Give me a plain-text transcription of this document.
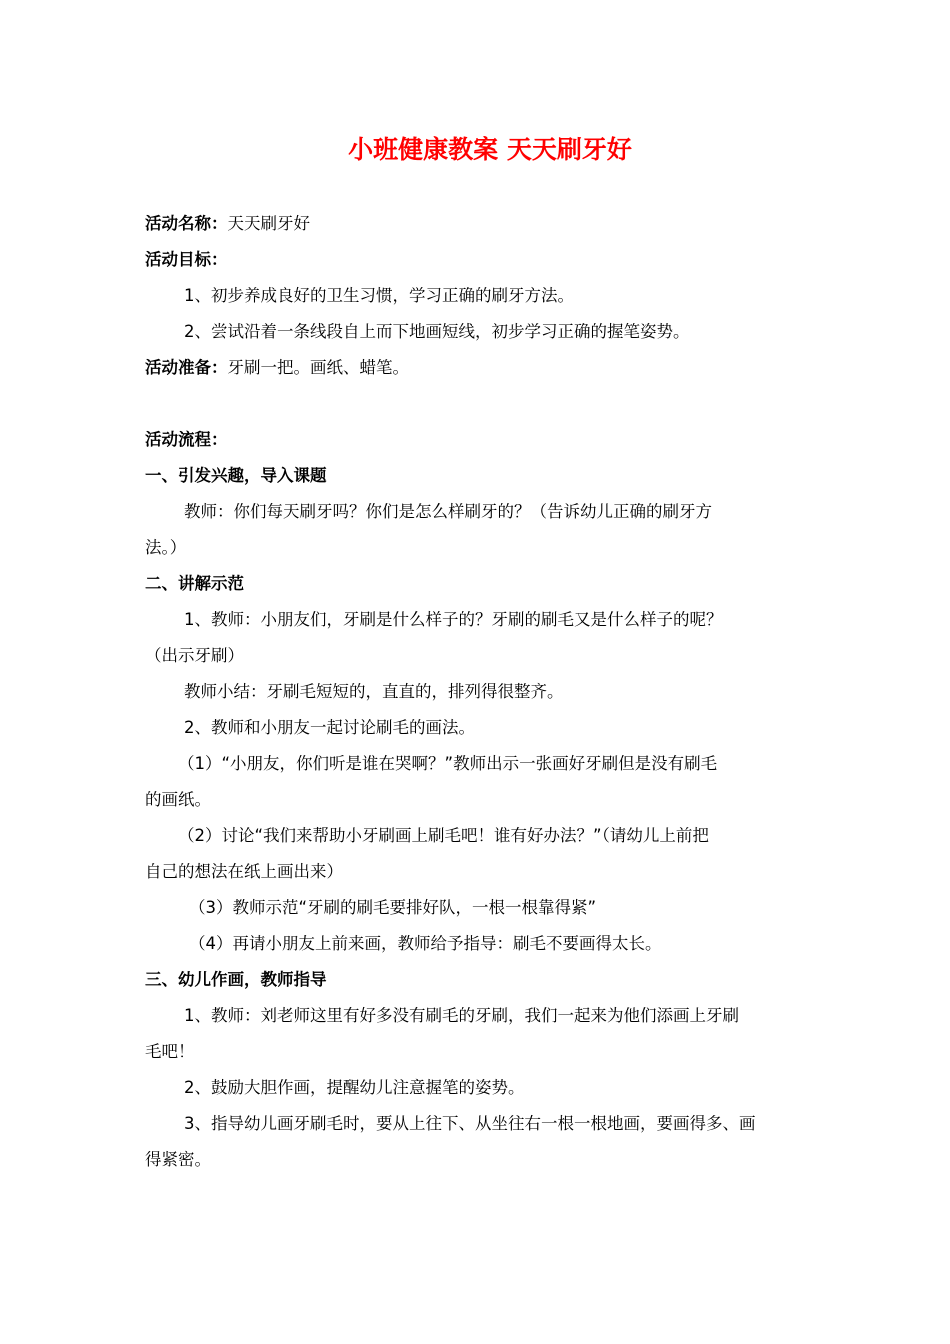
小班健康教案 天天刷牙好

活动名称：天天刷牙好

活动目标：

1、初步养成良好的卫生习惯，学习正确的刷牙方法。

2、尝试沿着一条线段自上而下地画短线，初步学习正确的握笔姿势。

活动准备：牙刷一把。画纸、蜡笔。

活动流程：

一、引发兴趣，导入课题

教师：你们每天刷牙吗？你们是怎么样刷牙的？（告诉幼儿正确的刷牙方

法。）

二、讲解示范

1、教师：小朋友们，牙刷是什么样子的？牙刷的刷毛又是什么样子的呢？

（出示牙刷）

教师小结：牙刷毛短短的，直直的，排列得很整齐。

2、教师和小朋友一起讨论刷毛的画法。

（1）“小朋友，你们听是谁在哭啊？”教师出示一张画好牙刷但是没有刷毛

的画纸。

（2）讨论“我们来帮助小牙刷画上刷毛吧！谁有好办法？”（请幼儿上前把

自己的想法在纸上画出来）

（3）教师示范“牙刷的刷毛要排好队，一根一根靠得紧”

（4）再请小朋友上前来画，教师给予指导：刷毛不要画得太长。

三、幼儿作画，教师指导

1、教师：刘老师这里有好多没有刷毛的牙刷，我们一起来为他们添画上牙刷

毛吧！

2、鼓励大胆作画，提醒幼儿注意握笔的姿势。

3、指导幼儿画牙刷毛时，要从上往下、从坐往右一根一根地画，要画得多、画

得紧密。
